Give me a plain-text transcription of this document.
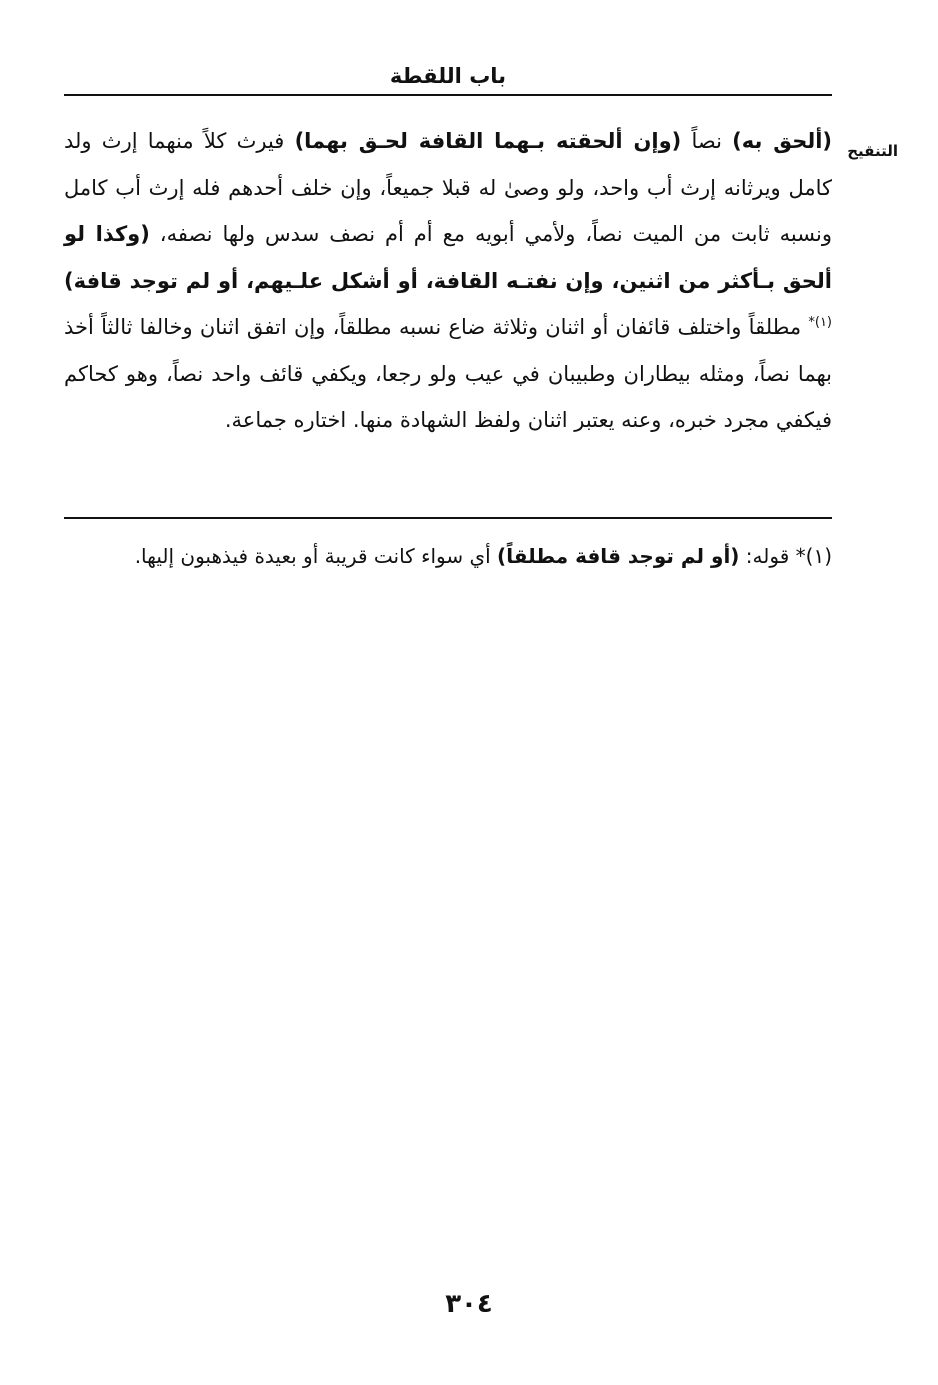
باب اللقطة
التنقيح

(ألحق به) نصاً (وإن ألحقته بـهما القافة لحـق بهما) فيرث كلاً منهما إرث ولد كامل ويرثانه إرث أب واحد، ولو وصىٰ له قبلا جميعاً، وإن خلف أحدهم فله إرث أب كامل ونسبه ثابت من الميت نصاً، ولأمي أبويه مع أم أم نصف سدس ولها نصفه، (وكذا لو ألحق بـأكثر من اثنين، وإن نفتـه القافة، أو أشكل علـيهم، أو لم توجد قافة)$^{(١)*}$ مطلقاً واختلف قائفان أو اثنان وثلاثة ضاع نسبه مطلقاً، وإن اتفق اثنان وخالفا ثالثاً أخذ بهما نصاً، ومثله بيطاران وطبيبان في عيب ولو رجعا، ويكفي قائف واحد نصاً، وهو كحاكم فيكفي مجرد خبره، وعنه يعتبر اثنان ولفظ الشهادة منها. اختاره جماعة.

(١)* قوله: (أو لم توجد قافة مطلقاً) أي سواء كانت قريبة أو بعيدة فيذهبون إليها.

٣٠٤
